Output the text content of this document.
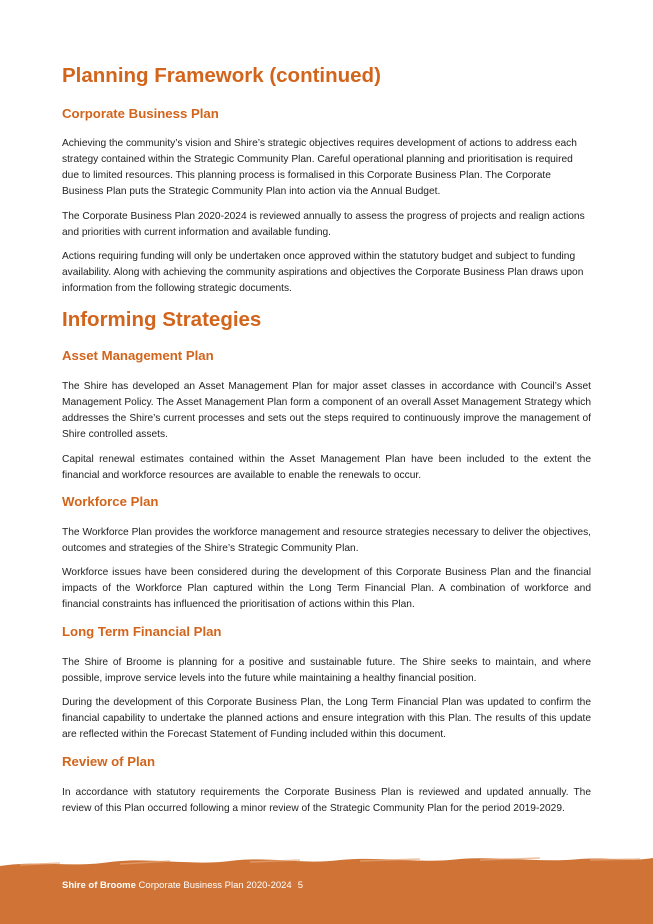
Planning Framework (continued)
Corporate Business Plan

Achieving the community’s vision and Shire’s strategic objectives requires development of actions to address each strategy contained within the Strategic Community Plan. Careful operational planning and prioritisation is required due to limited resources. This planning process is formalised in this Corporate Business Plan. The Corporate Business Plan puts the Strategic Community Plan into action via the Annual Budget.

The Corporate Business Plan 2020-2024 is reviewed annually to assess the progress of projects and realign actions and priorities with current information and available funding.

Actions requiring funding will only be undertaken once approved within the statutory budget and subject to funding availability. Along with achieving the community aspirations and objectives the Corporate Business Plan draws upon information from the following strategic documents.

Informing Strategies
Asset Management Plan

The Shire has developed an Asset Management Plan for major asset classes in accordance with Council’s Asset Management Policy. The Asset Management Plan form a component of an overall Asset Management Strategy which addresses the Shire’s current processes and sets out the steps required to continuously improve the management of Shire controlled assets.

Capital renewal estimates contained within the Asset Management Plan have been included to the extent the financial and workforce resources are available to enable the renewals to occur.

Workforce Plan

The Workforce Plan provides the workforce management and resource strategies necessary to deliver the objectives, outcomes and strategies of the Shire’s Strategic Community Plan.

Workforce issues have been considered during the development of this Corporate Business Plan and the financial impacts of the Workforce Plan captured within the Long Term Financial Plan. A combination of workforce and financial constraints has influenced the prioritisation of actions within this Plan.

Long Term Financial Plan

The Shire of Broome is planning for a positive and sustainable future. The Shire seeks to maintain, and where possible, improve service levels into the future while maintaining a healthy financial position.

During the development of this Corporate Business Plan, the Long Term Financial Plan was updated to confirm the financial capability to undertake the planned actions and ensure integration with this Plan. The results of this update are reflected within the Forecast Statement of Funding included within this document.

Review of Plan

In accordance with statutory requirements the Corporate Business Plan is reviewed and updated annually. The review of this Plan occurred following a minor review of the Strategic Community Plan for the period 2019-2029.

Shire of Broome Corporate Business Plan 2020-2024 5
